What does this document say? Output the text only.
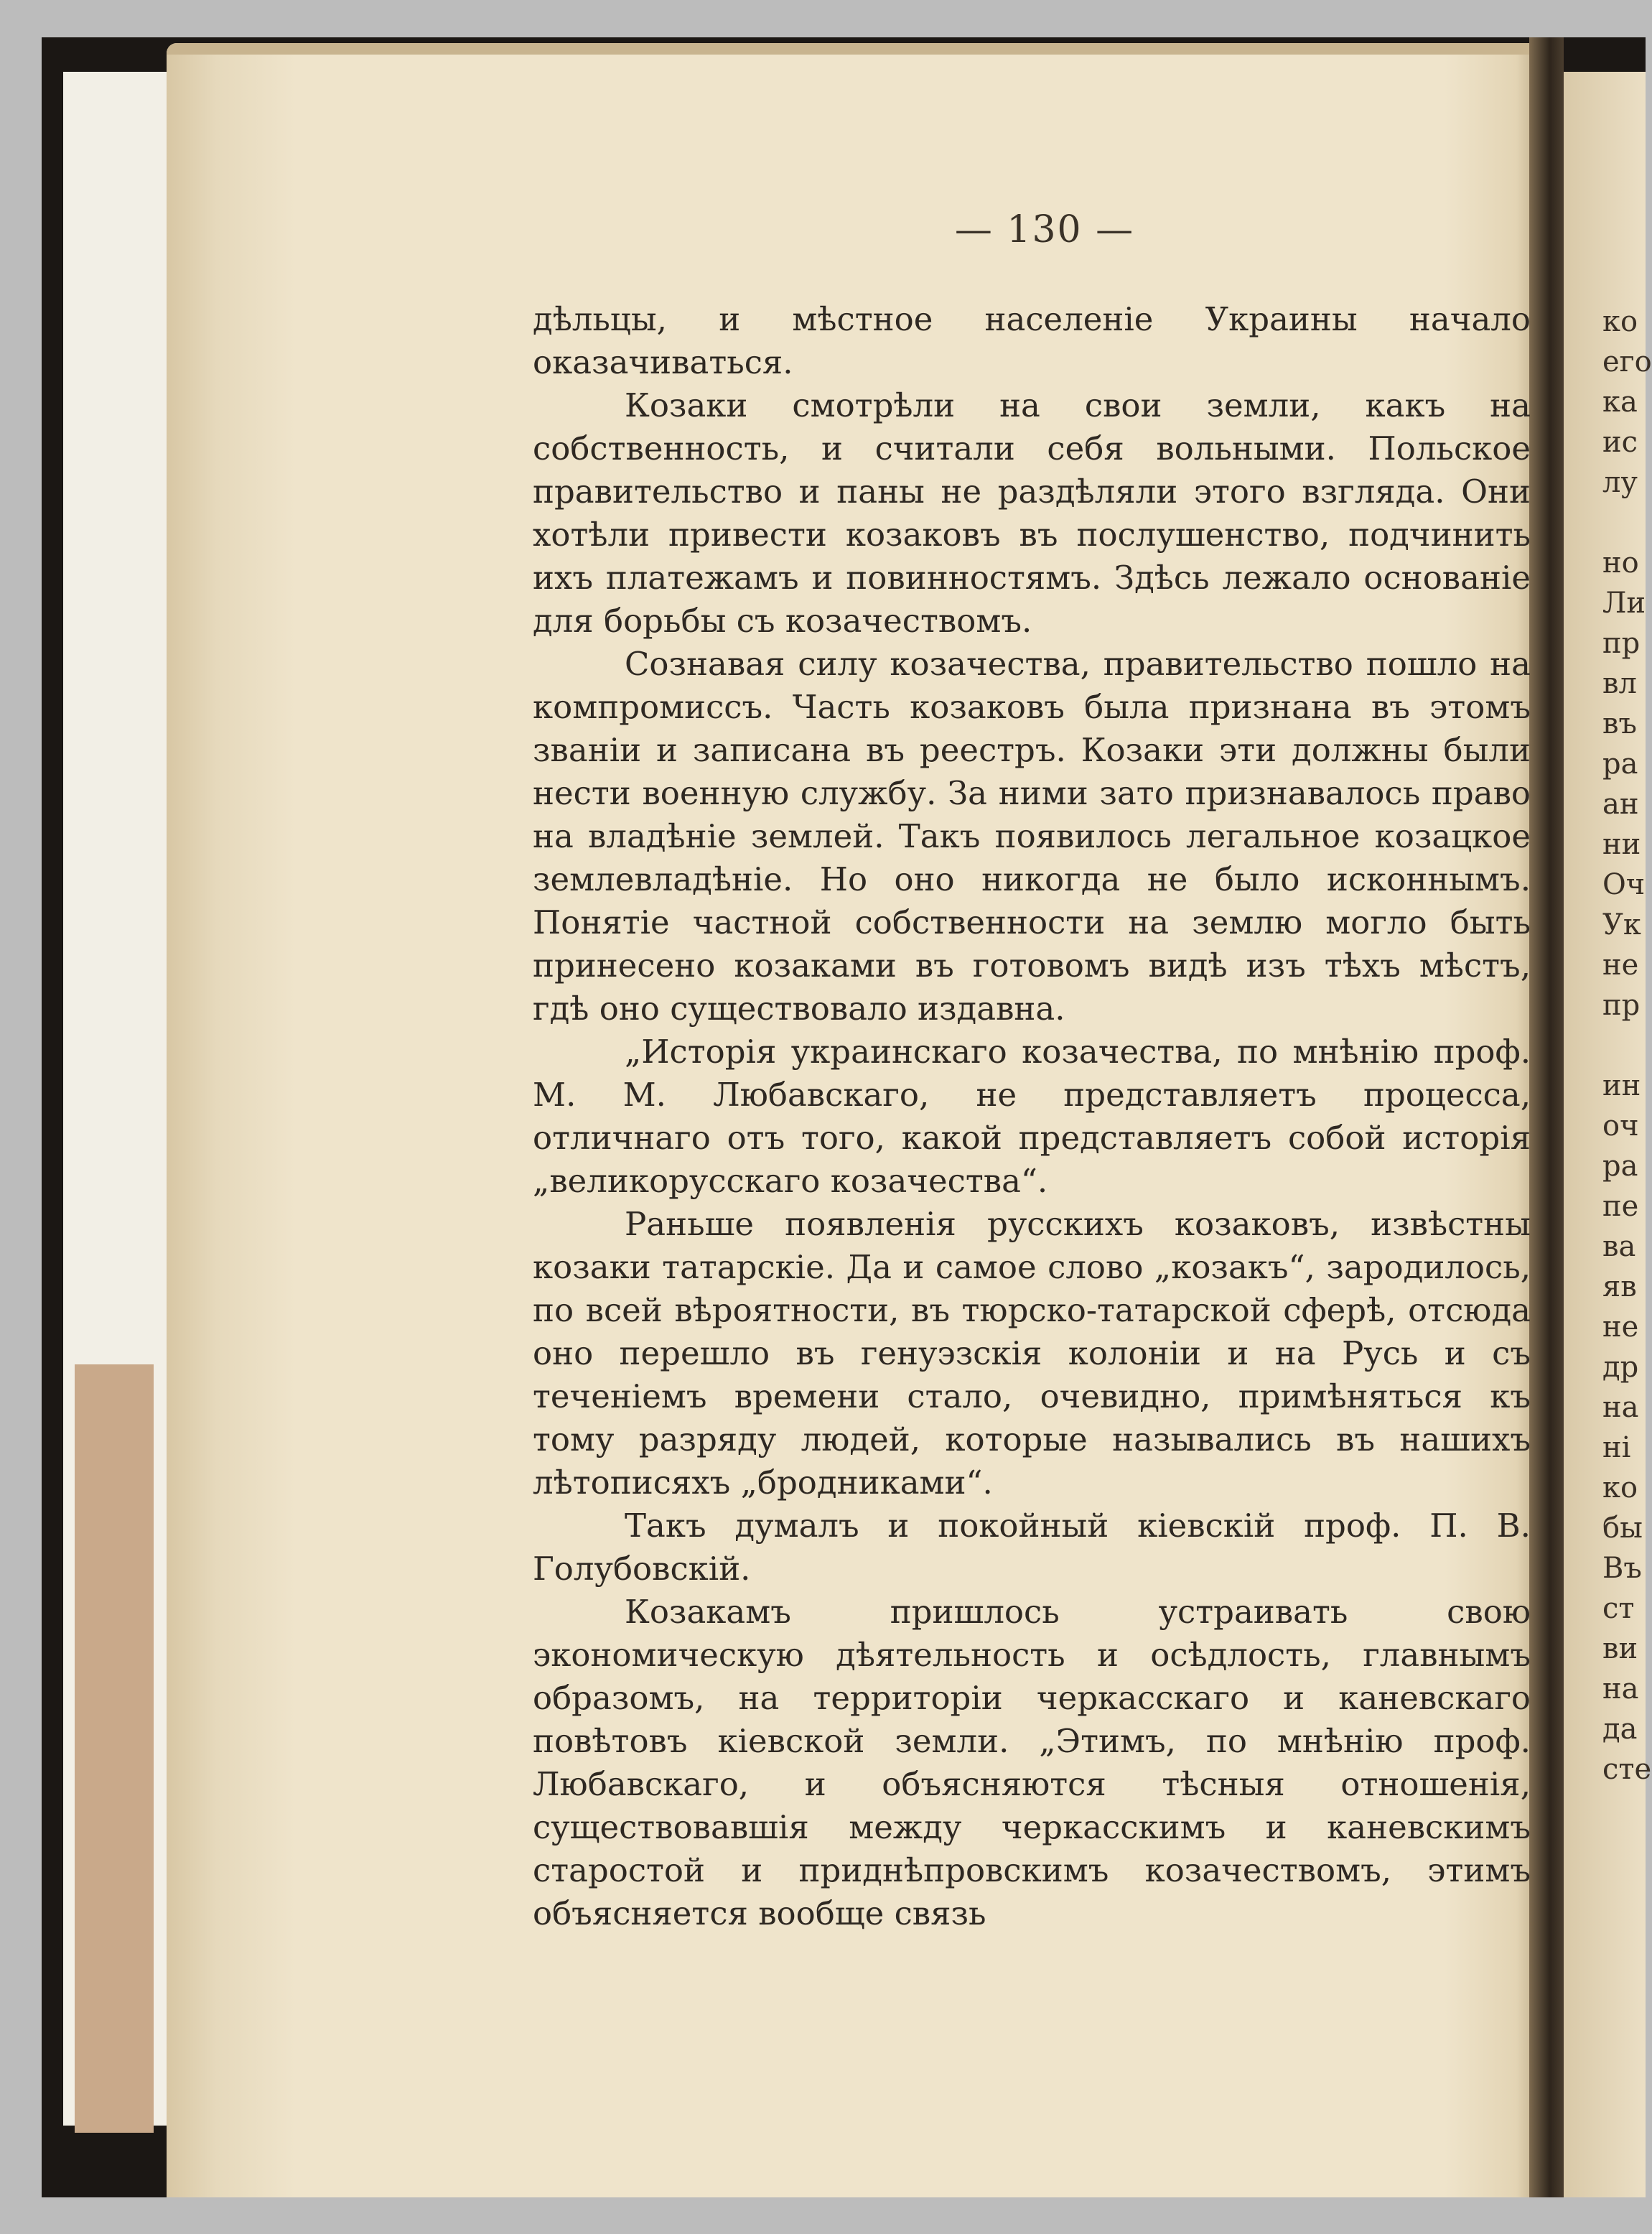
— 130 —

дѣльцы, и мѣстное населеніе Украины начало оказачиваться.

Козаки смотрѣли на свои земли, какъ на собственность, и считали себя вольными. Польское правительство и паны не раздѣляли этого взгляда. Они хотѣли привести козаковъ въ послушенство, подчинить ихъ платежамъ и повинностямъ. Здѣсь лежало основаніе для борьбы съ козачествомъ.

Сознавая силу козачества, правительство пошло на компромиссъ. Часть козаковъ была признана въ этомъ званіи и записана въ реестръ. Козаки эти должны были нести военную службу. За ними зато признавалось право на владѣніе землей. Такъ появилось легальное козацкое землевладѣніе. Но оно никогда не было исконнымъ. Понятіе частной собственности на землю могло быть принесено козаками въ готовомъ видѣ изъ тѣхъ мѣстъ, гдѣ оно существовало издавна.

„Исторія украинскаго козачества, по мнѣнію проф. М. М. Любавскаго, не представляетъ процесса, отличнаго отъ того, какой представляетъ собой исторія „великорусскаго козачества“.

Раньше появленія русскихъ козаковъ, извѣстны козаки татарскіе. Да и самое слово „козакъ“, зародилось, по всей вѣроятности, въ тюрско-татарской сферѣ, отсюда оно перешло въ генуэзскія колоніи и на Русь и съ теченіемъ времени стало, очевидно, примѣняться къ тому разряду людей, которые назывались въ нашихъ лѣтописяхъ „бродниками“.

Такъ думалъ и покойный кіевскій проф. П. В. Голубовскій.

Козакамъ пришлось устраивать свою экономическую дѣятельность и осѣдлость, главнымъ образомъ, на территоріи черкасскаго и каневскаго повѣтовъ кіевской земли. „Этимъ, по мнѣнію проф. Любавскаго, и объясняются тѣсныя отношенія, существовавшія между черкасскимъ и каневскимъ старостой и приднѣпровскимъ козачествомъ, этимъ объясняется вообще связь

ко
его
ка
ис
лу
но
Ли
пр
вл
въ
ра
ан
ни
Оч
Ук
не
пр
ин
оч
ра
пе
ва
яв
не
др
на
ні
ко
бы
Въ
ст
ви
на
да
сте
